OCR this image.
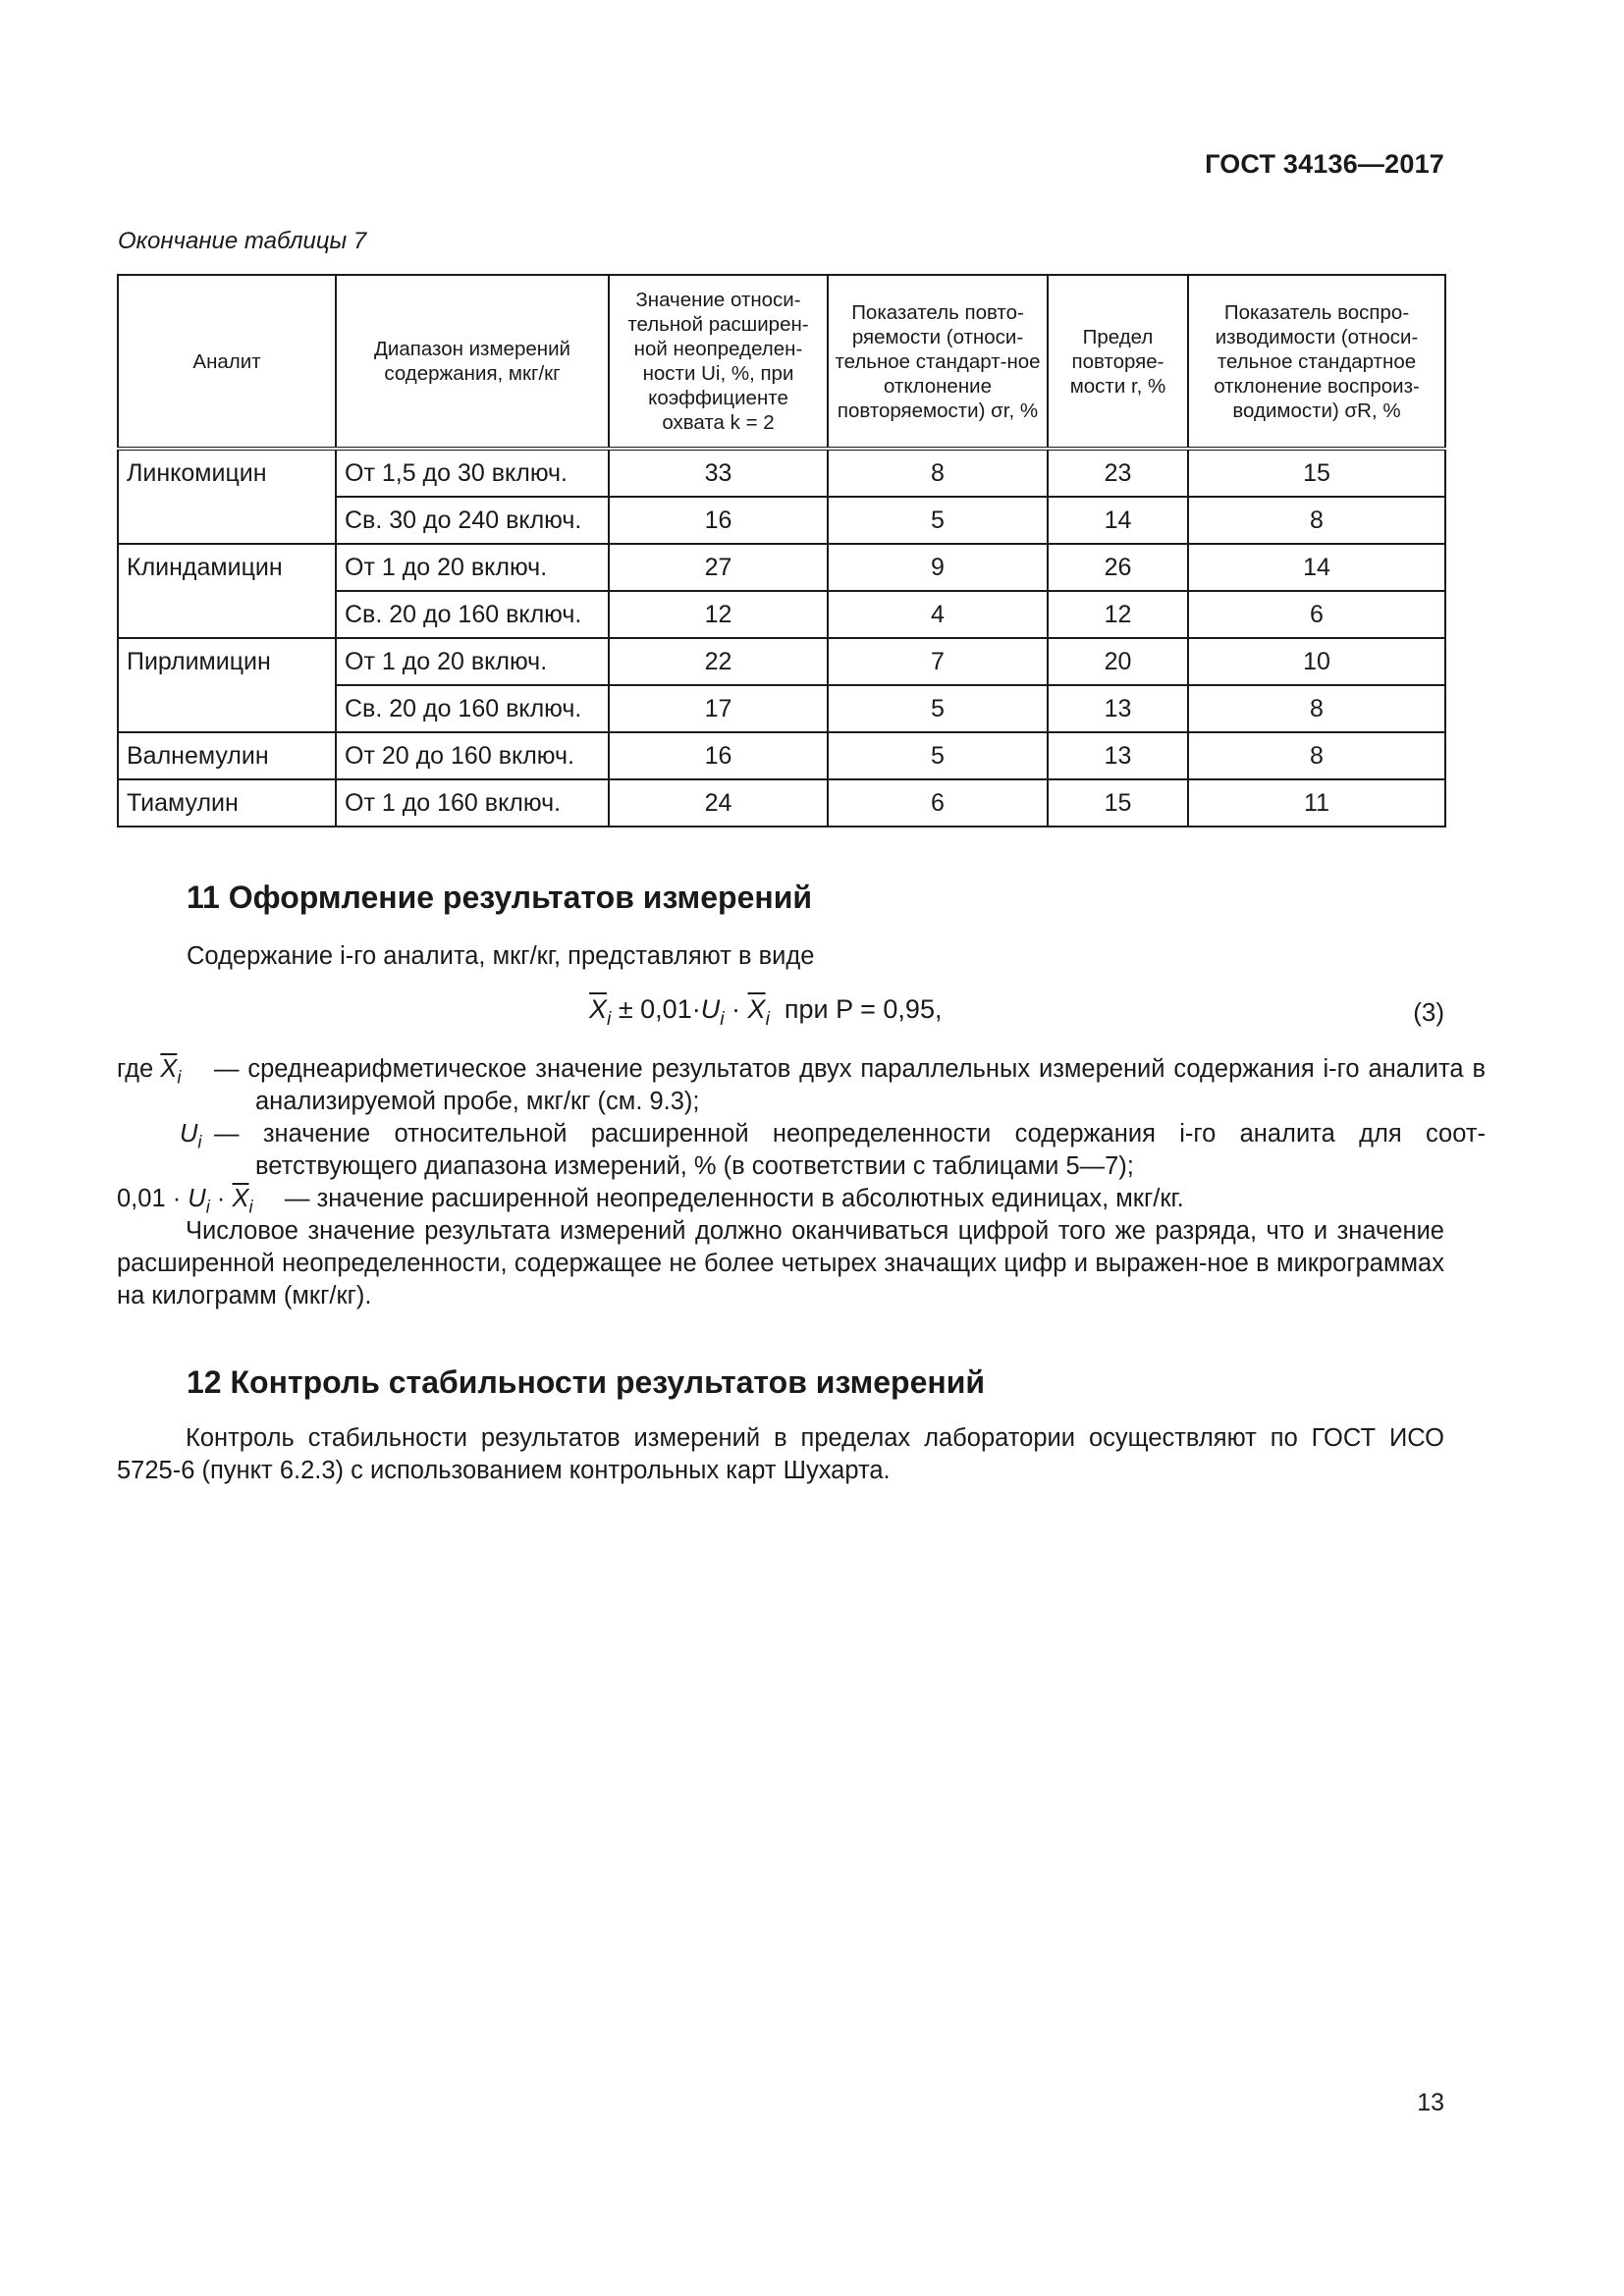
ГОСТ 34136—2017
Окончание таблицы 7
Аналит	Диапазон измерений содержания, мкг/кг	Значение относи-тельной расширен-ной неопределен-ности Ui, %, при коэффициенте охвата k = 2	Показатель повто-ряемости (относи-тельное стандарт-ное отклонение повторяемости) σr, %	Предел повторяе-мости r, %	Показатель воспро-изводимости (относи-тельное стандартное отклонение воспроиз-водимости) σR, %
Линкомицин	От 1,5 до 30 включ.	33	8	23	15
	Св. 30 до 240 включ.	16	5	14	8
Клиндамицин	От 1 до 20 включ.	27	9	26	14
	Св. 20 до 160 включ.	12	4	12	6
Пирлимицин	От 1 до 20 включ.	22	7	20	10
	Св. 20 до 160 включ.	17	5	13	8
Валнемулин	От 20 до 160 включ.	16	5	13	8
Тиамулин	От 1 до 160 включ.	24	6	15	11
11 Оформление результатов измерений
Содержание i-го аналита, мкг/кг, представляют в виде
$\overline{X}_i \pm 0,01\cdot U_i \cdot \overline{X}_i$ при P = 0,95,	(3)
где $\overline{X}_i$ — среднеарифметическое значение результатов двух параллельных измерений содержания i-го аналита в анализируемой пробе, мкг/кг (см. 9.3);
$U_i$ — значение относительной расширенной неопределенности содержания i-го аналита для соот-ветствующего диапазона измерений, % (в соответствии с таблицами 5—7);
$0,01 \cdot U_i \cdot \overline{X}_i$ — значение расширенной неопределенности в абсолютных единицах, мкг/кг.
Числовое значение результата измерений должно оканчиваться цифрой того же разряда, что и значение расширенной неопределенности, содержащее не более четырех значащих цифр и выражен-ное в микрограммах на килограмм (мкг/кг).
12 Контроль стабильности результатов измерений
Контроль стабильности результатов измерений в пределах лаборатории осуществляют по ГОСТ ИСО 5725-6 (пункт 6.2.3) с использованием контрольных карт Шухарта.
13
